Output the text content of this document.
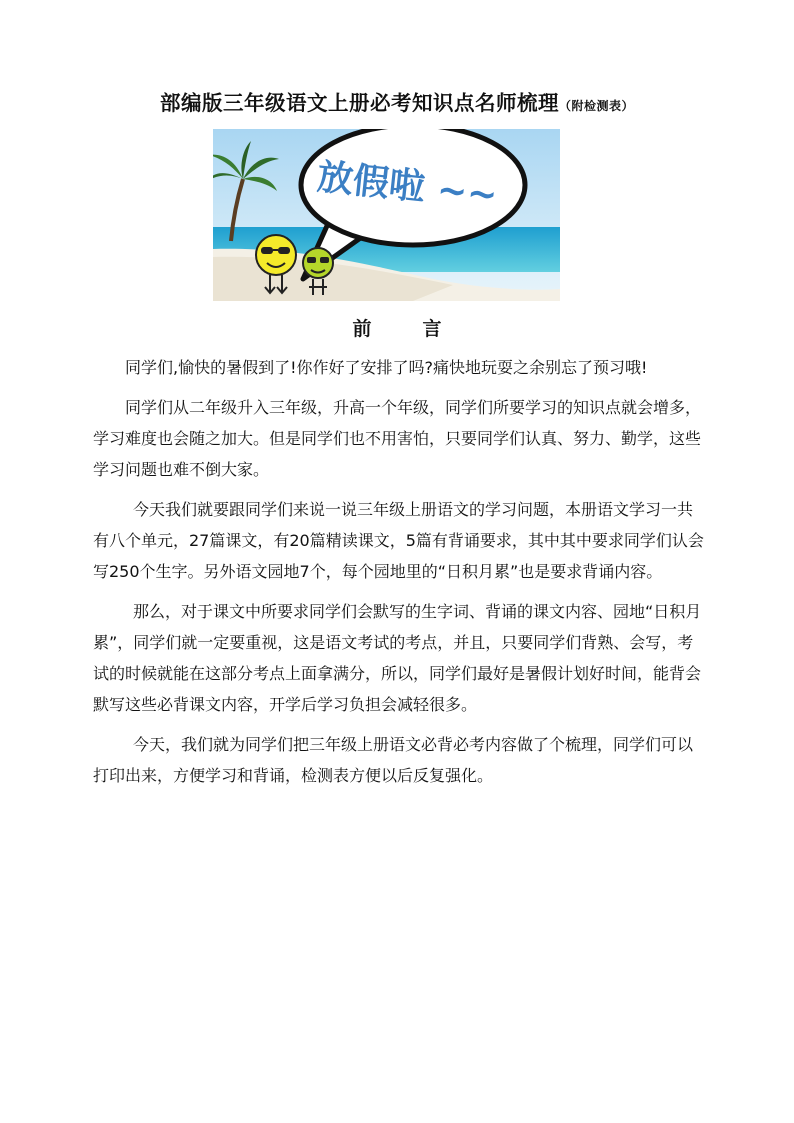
部编版三年级语文上册必考知识点名师梳理（附检测表）
放假啦 ~~
前　言

同学们,愉快的暑假到了!你作好了安排了吗?痛快地玩耍之余别忘了预习哦!

同学们从二年级升入三年级，升高一个年级，同学们所要学习的知识点就会增多，学习难度也会随之加大。但是同学们也不用害怕，只要同学们认真、努力、勤学，这些学习问题也难不倒大家。

今天我们就要跟同学们来说一说三年级上册语文的学习问题，本册语文学习一共有八个单元，27篇课文，有20篇精读课文，5篇有背诵要求，其中其中要求同学们认会写250个生字。另外语文园地7个，每个园地里的“日积月累”也是要求背诵内容。

那么，对于课文中所要求同学们会默写的生字词、背诵的课文内容、园地“日积月累”，同学们就一定要重视，这是语文考试的考点，并且，只要同学们背熟、会写，考试的时候就能在这部分考点上面拿满分，所以，同学们最好是暑假计划好时间，能背会默写这些必背课文内容，开学后学习负担会减轻很多。

今天，我们就为同学们把三年级上册语文必背必考内容做了个梳理，同学们可以打印出来，方便学习和背诵，检测表方便以后反复强化。
